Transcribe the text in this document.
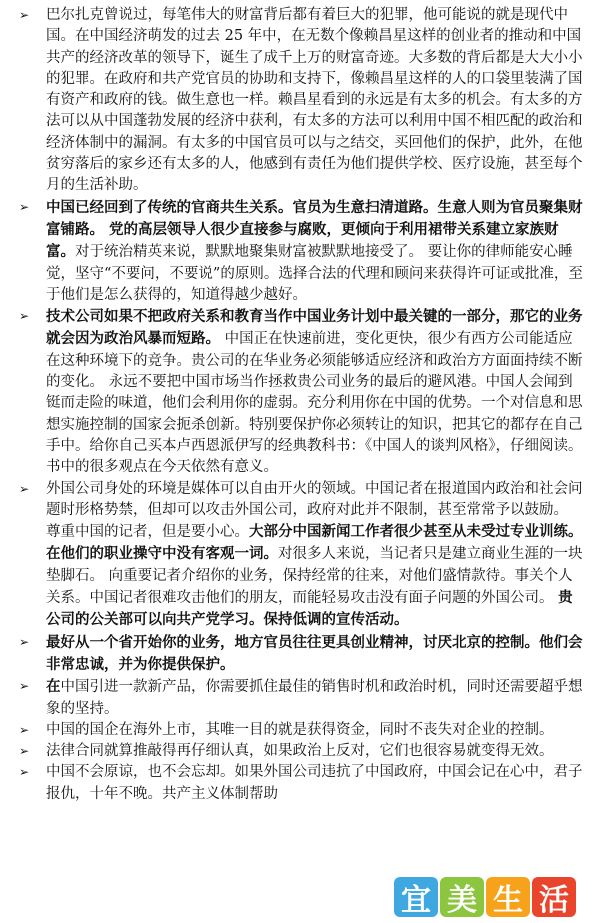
➢ 巴尔扎克曾说过，每笔伟大的财富背后都有着巨大的犯罪，他可能说的就是现代中国。在中国经济萌发的过去 25 年中，在无数个像赖昌星这样的创业者的推动和中国共产的经济改革的领导下，诞生了成千上万的财富奇迹。大多数的背后都是大大小小的犯罪。在政府和共产党官员的协助和支持下，像赖昌星这样的人的口袋里装满了国有资产和政府的钱。做生意也一样。赖昌星看到的永远是有太多的机会。有太多的方法可以从中国蓬勃发展的经济中获利，有太多的方法可以利用中国不相匹配的政治和经济体制中的漏洞。有太多的中国官员可以与之结交，买回他们的保护，此外，在他贫穷落后的家乡还有太多的人，他感到有责任为他们提供学校、医疗设施，甚至每个月的生活补助。
➢ 中国已经回到了传统的官商共生关系。官员为生意扫清道路。生意人则为官员聚集财富铺路。 党的高层领导人很少直接参与腐败，更倾向于利用裙带关系建立家族财富。对于统治精英来说，默默地聚集财富被默默地接受了。 要让你的律师能安心睡觉，坚守“不要问，不要说”的原则。选择合法的代理和顾问来获得许可证或批准，至于他们是怎么获得的，知道得越少越好。
➢ 技术公司如果不把政府关系和教育当作中国业务计划中最关键的一部分，那它的业务就会因为政治风暴而短路。 中国正在快速前进，变化更快，很少有西方公司能适应在这种环境下的竞争。贵公司的在华业务必须能够适应经济和政治方方面面持续不断的变化。 永远不要把中国市场当作拯救贵公司业务的最后的避风港。中国人会闻到铤而走险的味道，他们会利用你的虚弱。充分利用你在中国的优势。一个对信息和思想实施控制的国家会扼杀创新。特别要保护你必须转让的知识，把其它的都存在自己手中。给你自己买本卢西恩派伊写的经典教科书：《中国人的谈判风格》，仔细阅读。书中的很多观点在今天依然有意义。
➢ 外国公司身处的环境是媒体可以自由开火的领域。中国记者在报道国内政治和社会问题时形格势禁，但却可以攻击外国公司，政府对此并不限制，甚至常常予以鼓励。 尊重中国的记者，但是要小心。大部分中国新闻工作者很少甚至从未受过专业训练。在他们的职业操守中没有客观一词。对很多人来说，当记者只是建立商业生涯的一块垫脚石。 向重要记者介绍你的业务，保持经常的往来，对他们盛情款待。事关个人关系。中国记者很难攻击他们的朋友，而能轻易攻击没有面子问题的外国公司。 贵公司的公关部可以向共产党学习。保持低调的宣传活动。
➢ 最好从一个省开始你的业务，地方官员往往更具创业精神，讨厌北京的控制。他们会非常忠诚，并为你提供保护。
➢ 在中国引进一款新产品，你需要抓住最佳的销售时机和政治时机，同时还需要超乎想象的坚持。
➢ 中国的国企在海外上市，其唯一目的就是获得资金，同时不丧失对企业的控制。
➢ 法律合同就算推敲得再仔细认真，如果政治上反对，它们也很容易就变得无效。
➢ 中国不会原谅，也不会忘却。如果外国公司违抗了中国政府，中国会记在心中，君子报仇，十年不晚。共产主义体制帮助
宜 美 生 活
